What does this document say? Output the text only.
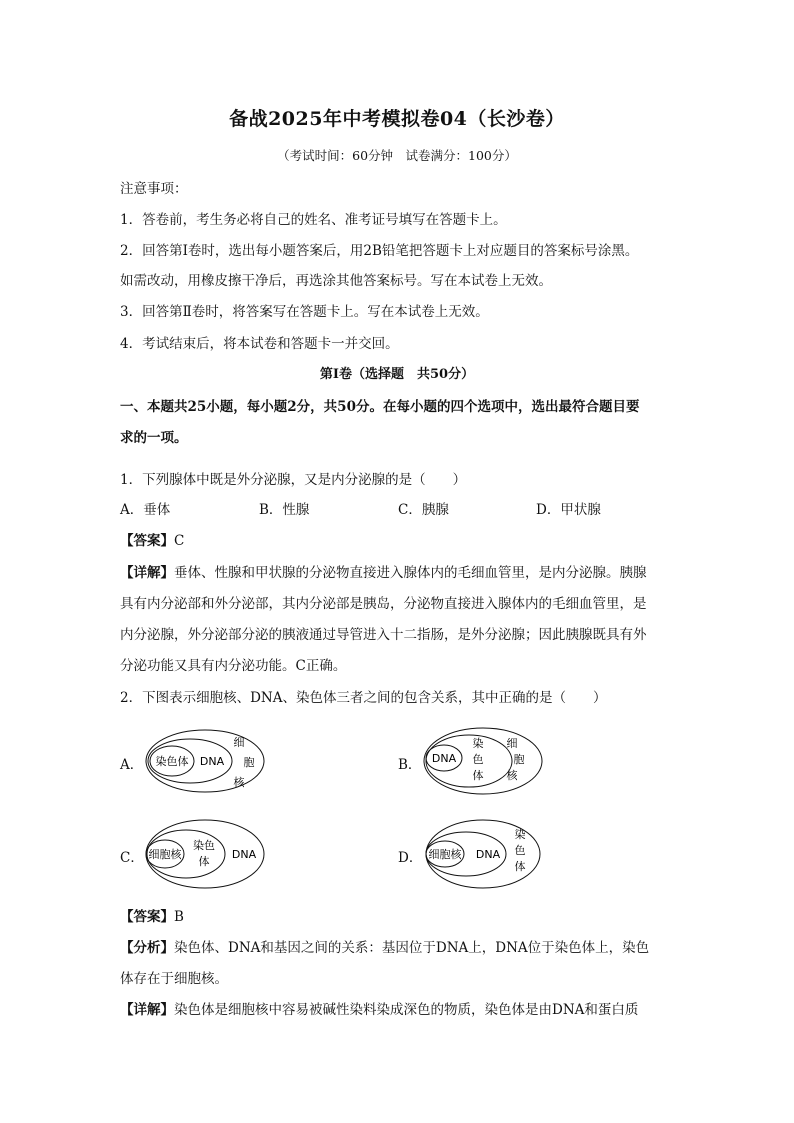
备战2025年中考模拟卷04（长沙卷）
（考试时间：60分钟　试卷满分：100分）
注意事项：
1．答卷前，考生务必将自己的姓名、准考证号填写在答题卡上。
2．回答第Ⅰ卷时，选出每小题答案后，用2B铅笔把答题卡上对应题目的答案标号涂黑。
如需改动，用橡皮擦干净后，再选涂其他答案标号。写在本试卷上无效。
3．回答第Ⅱ卷时，将答案写在答题卡上。写在本试卷上无效。
4．考试结束后，将本试卷和答题卡一并交回。
第Ⅰ卷（选择题　共50分）
一、本题共25小题，每小题2分，共50分。在每小题的四个选项中，选出最符合题目要
求的一项。
1．下列腺体中既是外分泌腺，又是内分泌腺的是（　　）
A．垂体	B．性腺	C．胰腺	D．甲状腺
【答案】C
【详解】垂体、性腺和甲状腺的分泌物直接进入腺体内的毛细血管里，是内分泌腺。胰腺
具有内分泌部和外分泌部，其内分泌部是胰岛，分泌物直接进入腺体内的毛细血管里，是
内分泌腺，外分泌部分泌的胰液通过导管进入十二指肠，是外分泌腺；因此胰腺既具有外
分泌功能又具有内分泌功能。C正确。
2．下图表示细胞核、DNA、染色体三者之间的包含关系，其中正确的是（　　）
A． 染色体 DNA
细
胞
核
B． DNA
染
色
体
细
胞
核
C． 细胞核
染色
体
DNA	D． 细胞核 DNA
染
色
体
【答案】B
【分析】染色体、DNA和基因之间的关系：基因位于DNA上，DNA位于染色体上，染色
体存在于细胞核。
【详解】染色体是细胞核中容易被碱性染料染成深色的物质，染色体是由DNA和蛋白质
